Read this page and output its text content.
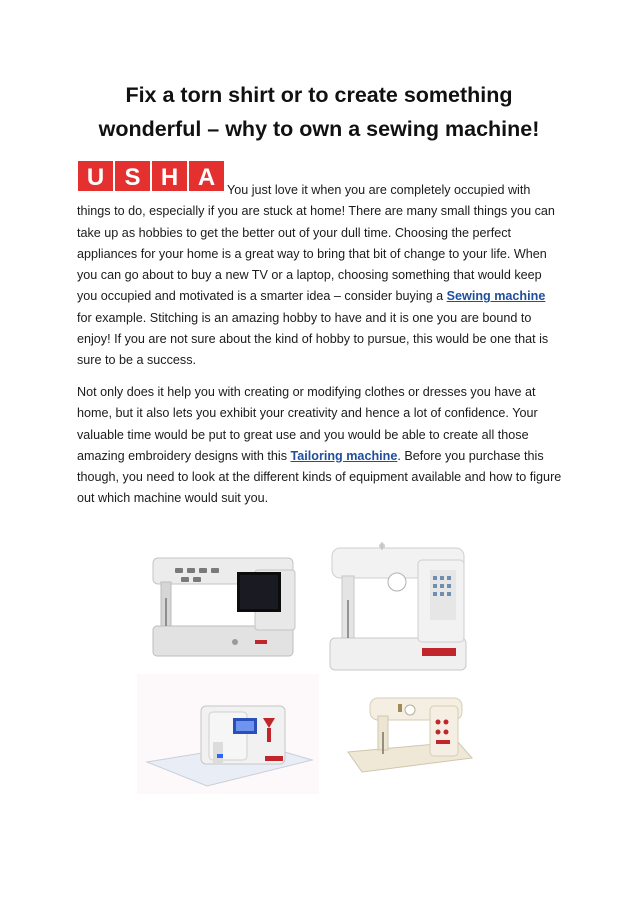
Fix a torn shirt or to create something
wonderful – why to own a sewing machine!
U S H A You just love it when you are completely occupied with things to do, especially if you are stuck at home! There are many small things you can take up as hobbies to get the better out of your dull time. Choosing the perfect appliances for your home is a great way to bring that bit of change to your life. When you can go about to buy a new TV or a laptop, choosing something that would keep you occupied and motivated is a smarter idea – consider buying a Sewing machine for example. Stitching is an amazing hobby to have and it is one you are bound to enjoy! If you are not sure about the kind of hobby to pursue, this would be one that is sure to be a success.

Not only does it help you with creating or modifying clothes or dresses you have at home, but it also lets you exhibit your creativity and hence a lot of confidence. Your valuable time would be put to great use and you would be able to create all those amazing embroidery designs with this Tailoring machine. Before you purchase this though, you need to look at the different kinds of equipment available and how to figure out which machine would suit you.
